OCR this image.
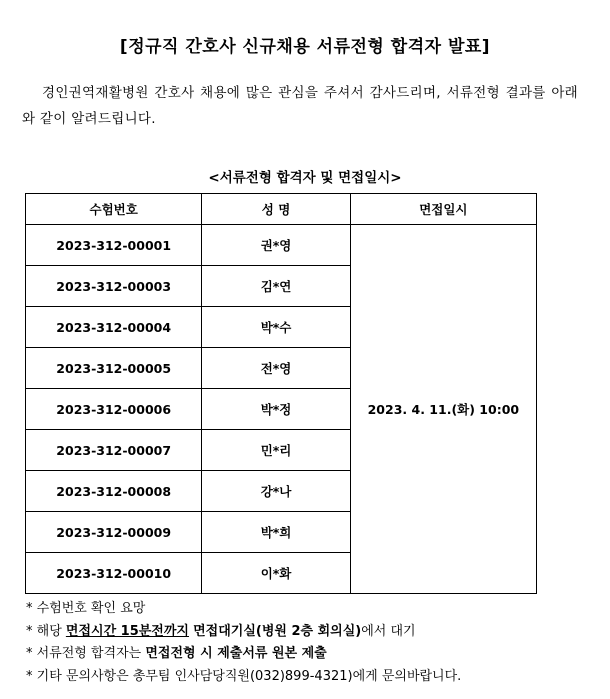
[정규직 간호사 신규채용 서류전형 합격자 발표]
경인권역재활병원 간호사 채용에 많은 관심을 주셔서 감사드리며, 서류전형 결과를 아래와 같이 알려드립니다.
<서류전형 합격자 및 면접일시>
수험번호	성 명	면접일시
2023-312-00001	권*영	2023. 4. 11.(화) 10:00
2023-312-00003	김*연	
2023-312-00004	박*수	
2023-312-00005	전*영	
2023-312-00006	박*정	
2023-312-00007	민*리	
2023-312-00008	강*나	
2023-312-00009	박*희	
2023-312-00010	이*화	
* 수험번호 확인 요망
* 해당 면접시간 15분전까지 면접대기실(병원 2층 회의실)에서 대기
* 서류전형 합격자는 면접전형 시 제출서류 원본 제출
* 기타 문의사항은 총무팀 인사담당직원(032)899-4321)에게 문의바랍니다.
